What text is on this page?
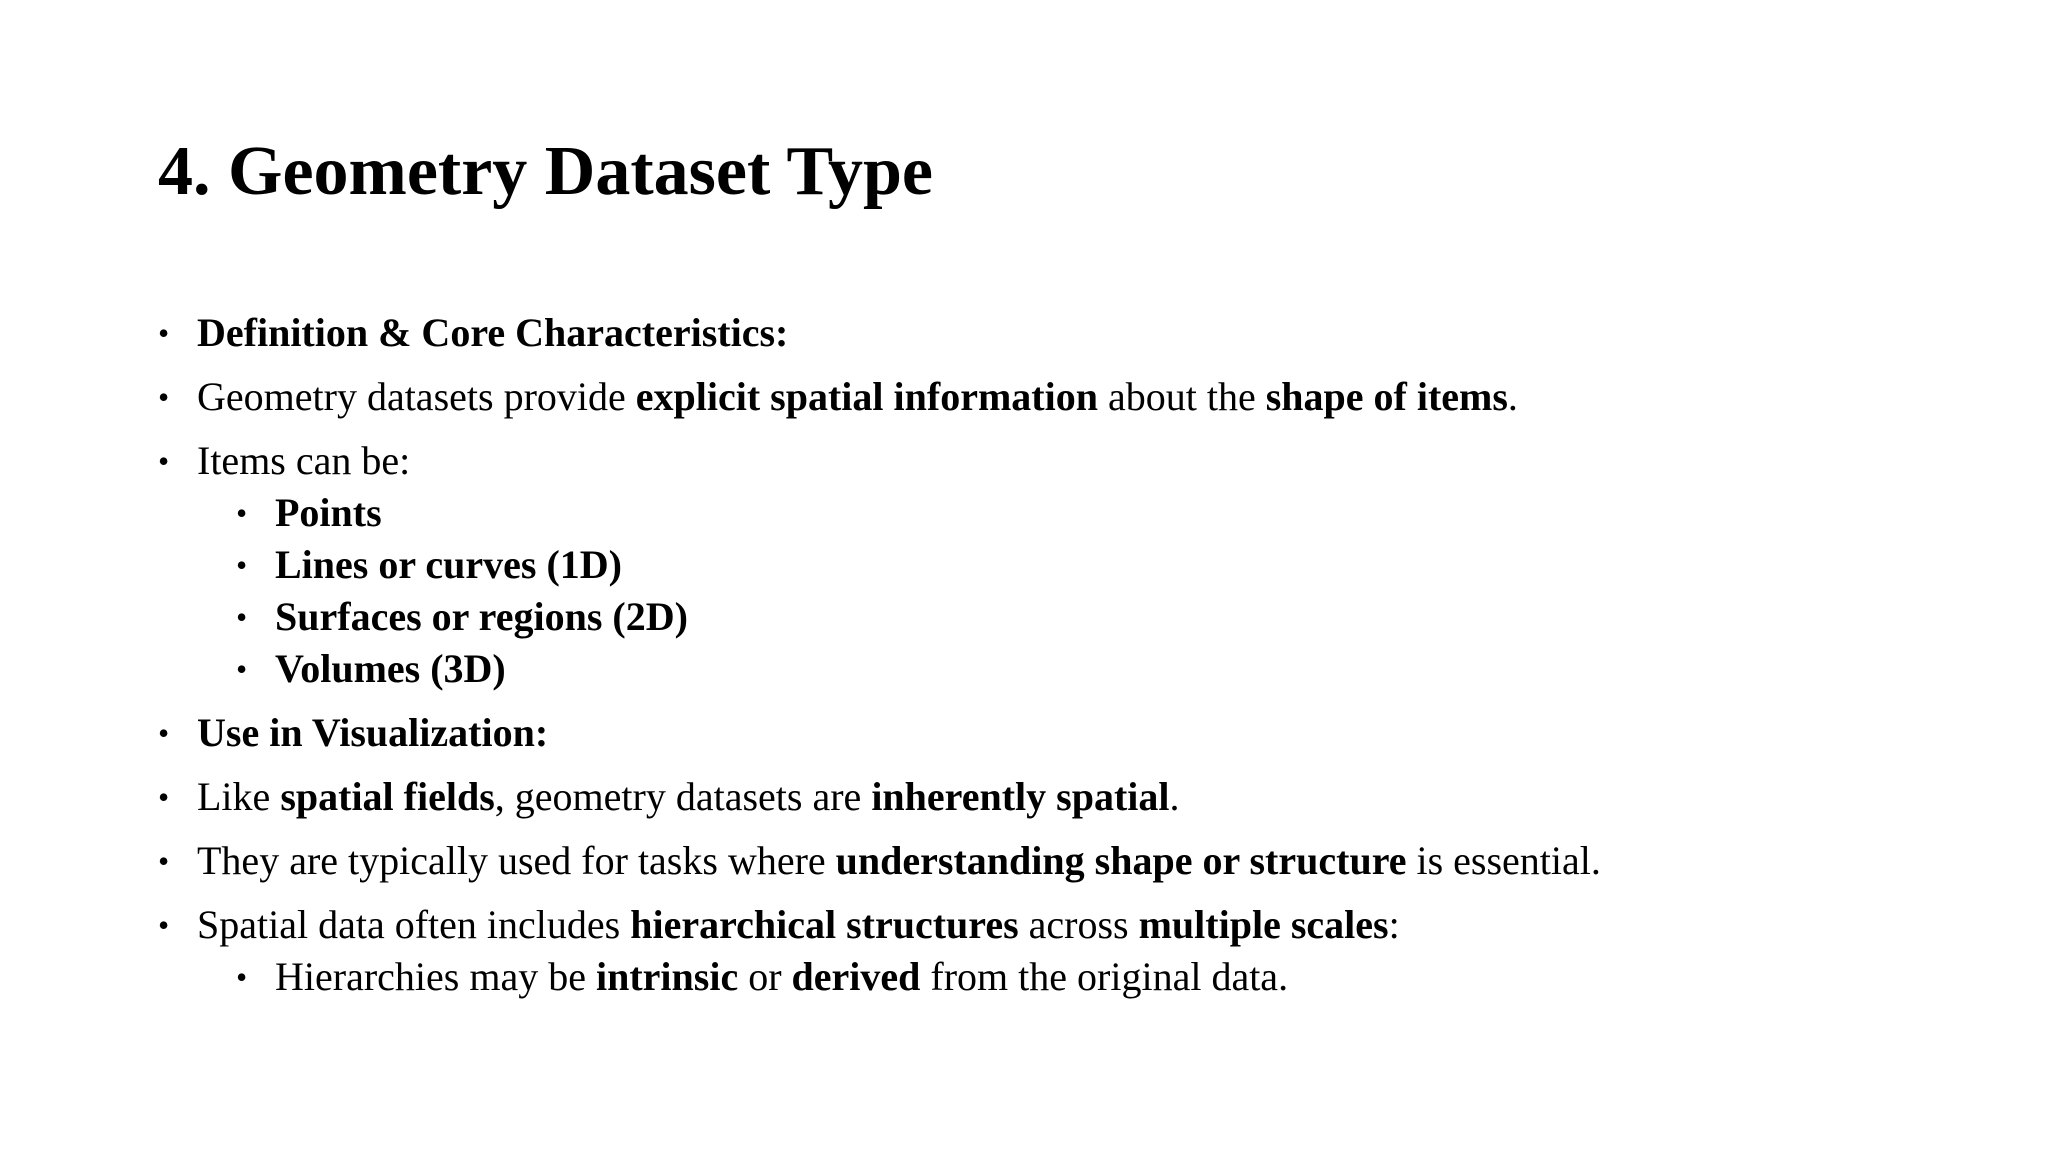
4. Geometry Dataset Type
• Definition & Core Characteristics:
• Geometry datasets provide explicit spatial information about the shape of items.
• Items can be:
• Points
• Lines or curves (1D)
• Surfaces or regions (2D)
• Volumes (3D)
• Use in Visualization:
• Like spatial fields, geometry datasets are inherently spatial.
• They are typically used for tasks where understanding shape or structure is essential.
• Spatial data often includes hierarchical structures across multiple scales:
• Hierarchies may be intrinsic or derived from the original data.
